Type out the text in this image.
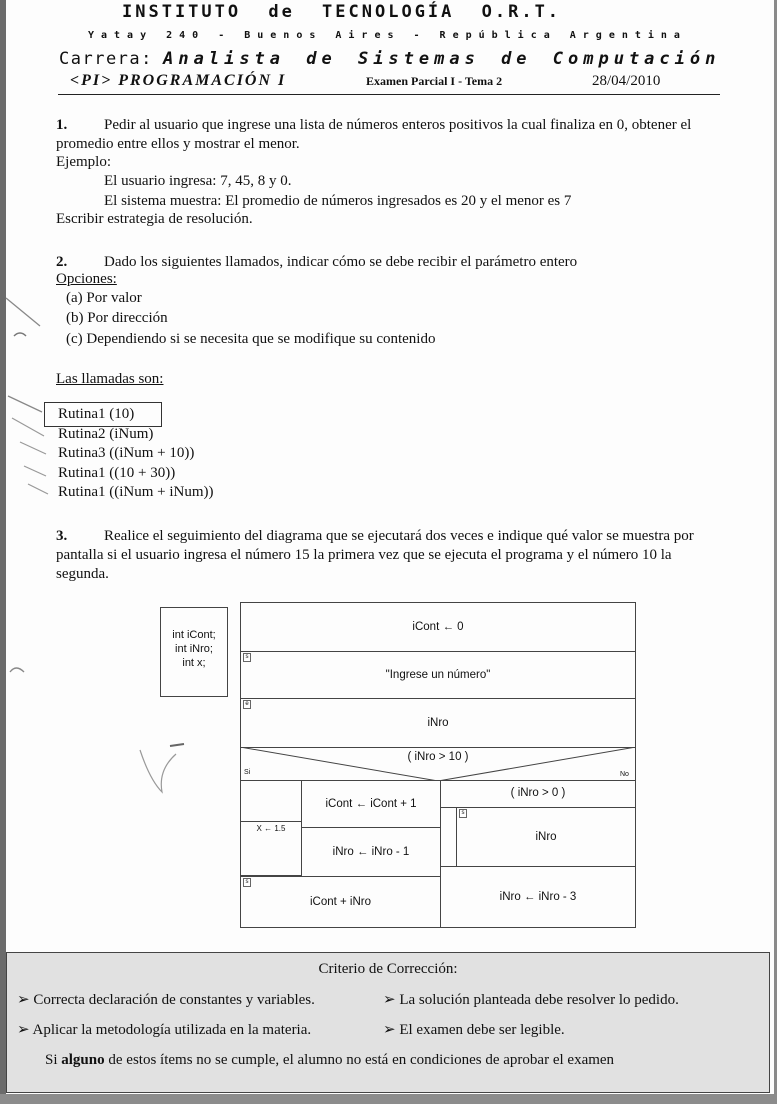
INSTITUTO de TECNOLOGÍA O.R.T.
Yatay 240 - Buenos Aires - República Argentina
Carrera: Analista de Sistemas de Computación
<PI> PROGRAMACIÓN I	Examen Parcial I - Tema 2	28/04/2010
1. Pedir al usuario que ingrese una lista de números enteros positivos la cual finaliza en 0, obtener el
promedio entre ellos y mostrar el menor.
Ejemplo:
El usuario ingresa: 7, 45, 8 y 0.
El sistema muestra: El promedio de números ingresados es 20 y el menor es 7
Escribir estrategia de resolución.
2. Dado los siguientes llamados, indicar cómo se debe recibir el parámetro entero
Opciones:
(a) Por valor
(b) Por dirección
(c) Dependiendo si se necesita que se modifique su contenido
Las llamadas son:
Rutina1 (10)
Rutina2 (iNum)
Rutina3 ((iNum + 10))
Rutina1 ((10 + 30))
Rutina1 ((iNum + iNum))
3. Realice el seguimiento del diagrama que se ejecutará dos veces e indique qué valor se muestra por
pantalla si el usuario ingresa el número 15 la primera vez que se ejecuta el programa y el número 10 la
segunda.
int iCont;
int iNro;
int x;
iCont ← 0
"Ingrese un número"
s
iNro
e
( iNro > 10 )
Si	No
X ← 1.5
iCont ← iCont + 1
iNro ← iNro - 1
iCont + iNro
s
( iNro > 0 )
iNro
s
iNro ← iNro - 3
Criterio de Corrección:
➢ Correcta declaración de constantes y variables.	➢ La solución planteada debe resolver lo pedido.
➢ Aplicar la metodología utilizada en la materia.	➢ El examen debe ser legible.
Si alguno de estos ítems no se cumple, el alumno no está en condiciones de aprobar el examen
